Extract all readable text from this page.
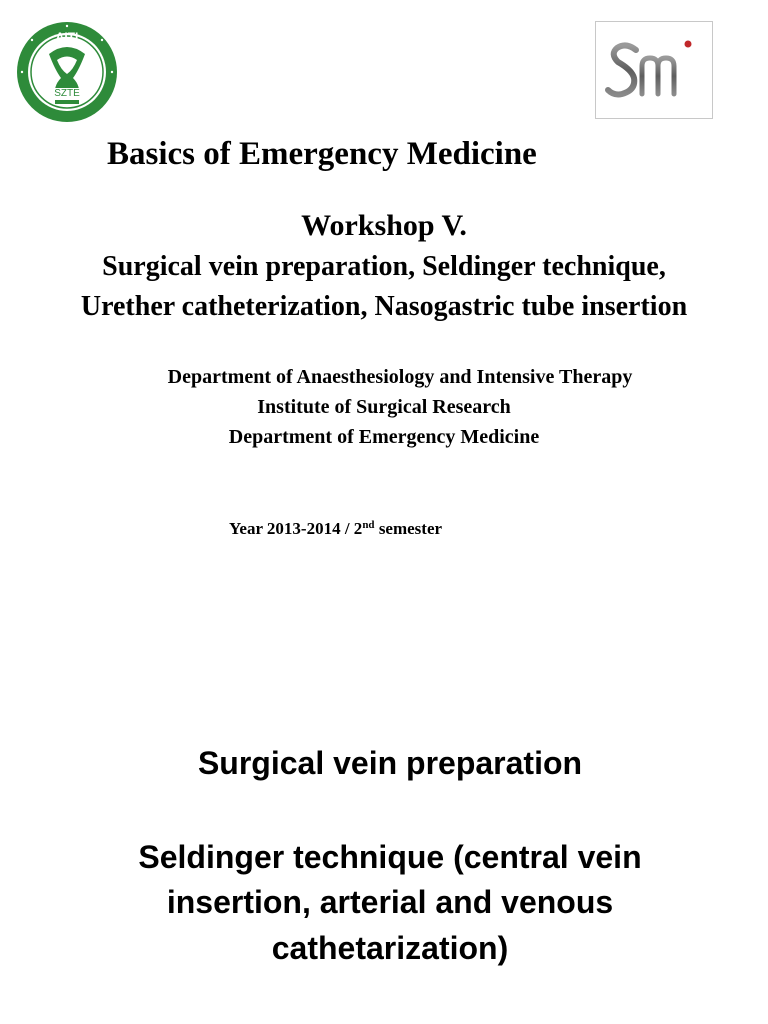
AITI
SZTE
Basics of Emergency Medicine
Workshop V.
Surgical vein preparation, Seldinger technique,
Urether catheterization, Nasogastric tube insertion
Department of Anaesthesiology and Intensive Therapy
Institute of Surgical Research
Department of Emergency Medicine
Year 2013-2014 / 2nd semester
Surgical vein preparation
Seldinger technique (central vein
insertion, arterial and venous
cathetarization)
